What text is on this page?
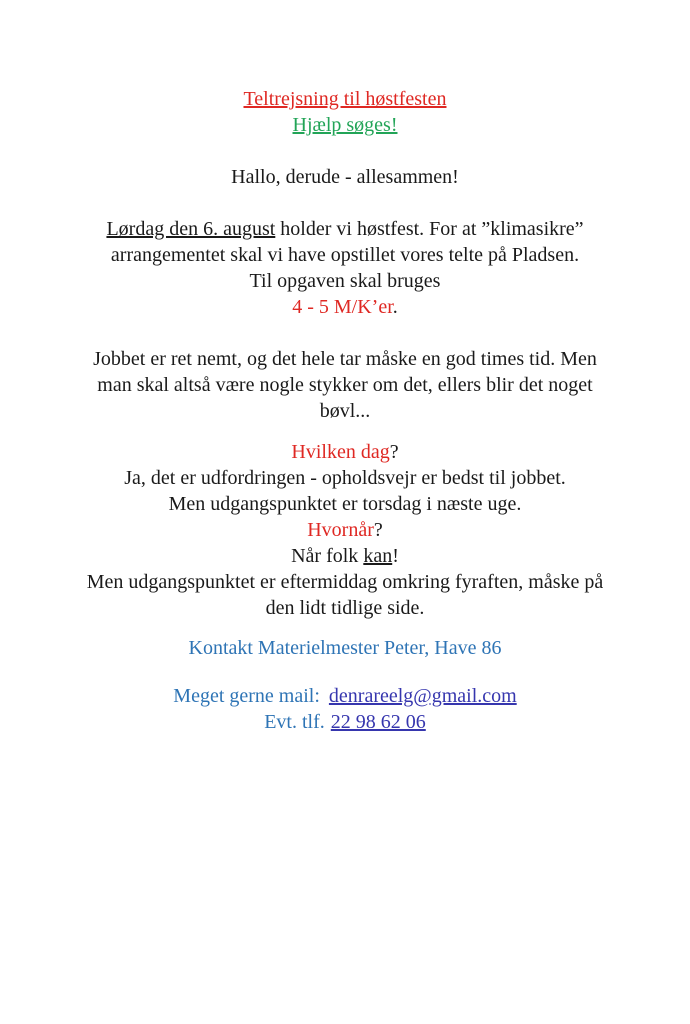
Teltrejsning til høstfesten
Hjælp søges!
Hallo, derude - allesammen!
Lørdag den 6. august holder vi høstfest. For at ”klimasikre”
arrangementet skal vi have opstillet vores telte på Pladsen.
Til opgaven skal bruges
4 - 5 M/K’er.
Jobbet er ret nemt, og det hele tar måske en god times tid. Men
man skal altså være nogle stykker om det, ellers blir det noget
bøvl...
Hvilken dag?
Ja, det er udfordringen - opholdsvejr er bedst til jobbet.
Men udgangspunktet er torsdag i næste uge.
Hvornår?
Når folk kan!
Men udgangspunktet er eftermiddag omkring fyraften, måske på
den lidt tidlige side.
Kontakt Materielmester Peter, Have 86
Meget gerne mail: denrareelg@gmail.com
Evt. tlf. 22 98 62 06
